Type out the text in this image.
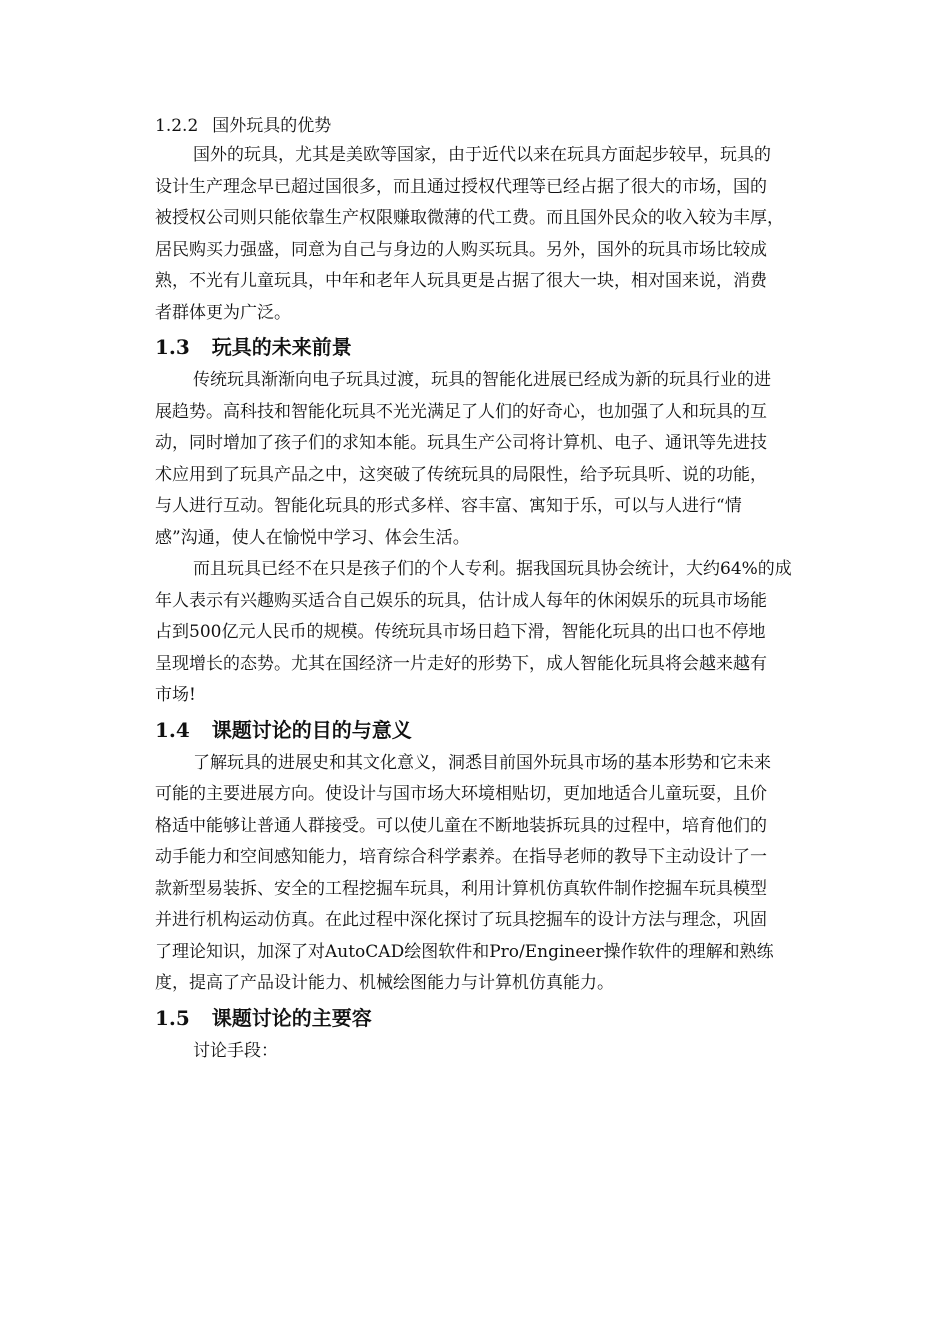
1.2.2 国外玩具的优势
国外的玩具，尤其是美欧等国家，由于近代以来在玩具方面起步较早，玩具的
设计生产理念早已超过国很多，而且通过授权代理等已经占据了很大的市场，国的
被授权公司则只能依靠生产权限赚取微薄的代工费。而且国外民众的收入较为丰厚，
居民购买力强盛，同意为自己与身边的人购买玩具。另外，国外的玩具市场比较成
熟，不光有儿童玩具，中年和老年人玩具更是占据了很大一块，相对国来说，消费
者群体更为广泛。
1.3 玩具的未来前景
传统玩具渐渐向电子玩具过渡，玩具的智能化进展已经成为新的玩具行业的进
展趋势。高科技和智能化玩具不光光满足了人们的好奇心，也加强了人和玩具的互
动，同时增加了孩子们的求知本能。玩具生产公司将计算机、电子、通讯等先进技
术应用到了玩具产品之中，这突破了传统玩具的局限性，给予玩具听、说的功能，
与人进行互动。智能化玩具的形式多样、容丰富、寓知于乐，可以与人进行“情
感”沟通，使人在愉悦中学习、体会生活。
而且玩具已经不在只是孩子们的个人专利。据我国玩具协会统计，大约64%的成
年人表示有兴趣购买适合自己娱乐的玩具，估计成人每年的休闲娱乐的玩具市场能
占到500亿元人民币的规模。传统玩具市场日趋下滑，智能化玩具的出口也不停地
呈现增长的态势。尤其在国经济一片走好的形势下，成人智能化玩具将会越来越有
市场!
1.4 课题讨论的目的与意义
了解玩具的进展史和其文化意义，洞悉目前国外玩具市场的基本形势和它未来
可能的主要进展方向。使设计与国市场大环境相贴切，更加地适合儿童玩耍，且价
格适中能够让普通人群接受。可以使儿童在不断地装拆玩具的过程中，培育他们的
动手能力和空间感知能力，培育综合科学素养。在指导老师的教导下主动设计了一
款新型易装拆、安全的工程挖掘车玩具，利用计算机仿真软件制作挖掘车玩具模型
并进行机构运动仿真。在此过程中深化探讨了玩具挖掘车的设计方法与理念，巩固
了理论知识，加深了对AutoCAD绘图软件和Pro/Engineer操作软件的理解和熟练
度，提高了产品设计能力、机械绘图能力与计算机仿真能力。
1.5 课题讨论的主要容
讨论手段：
